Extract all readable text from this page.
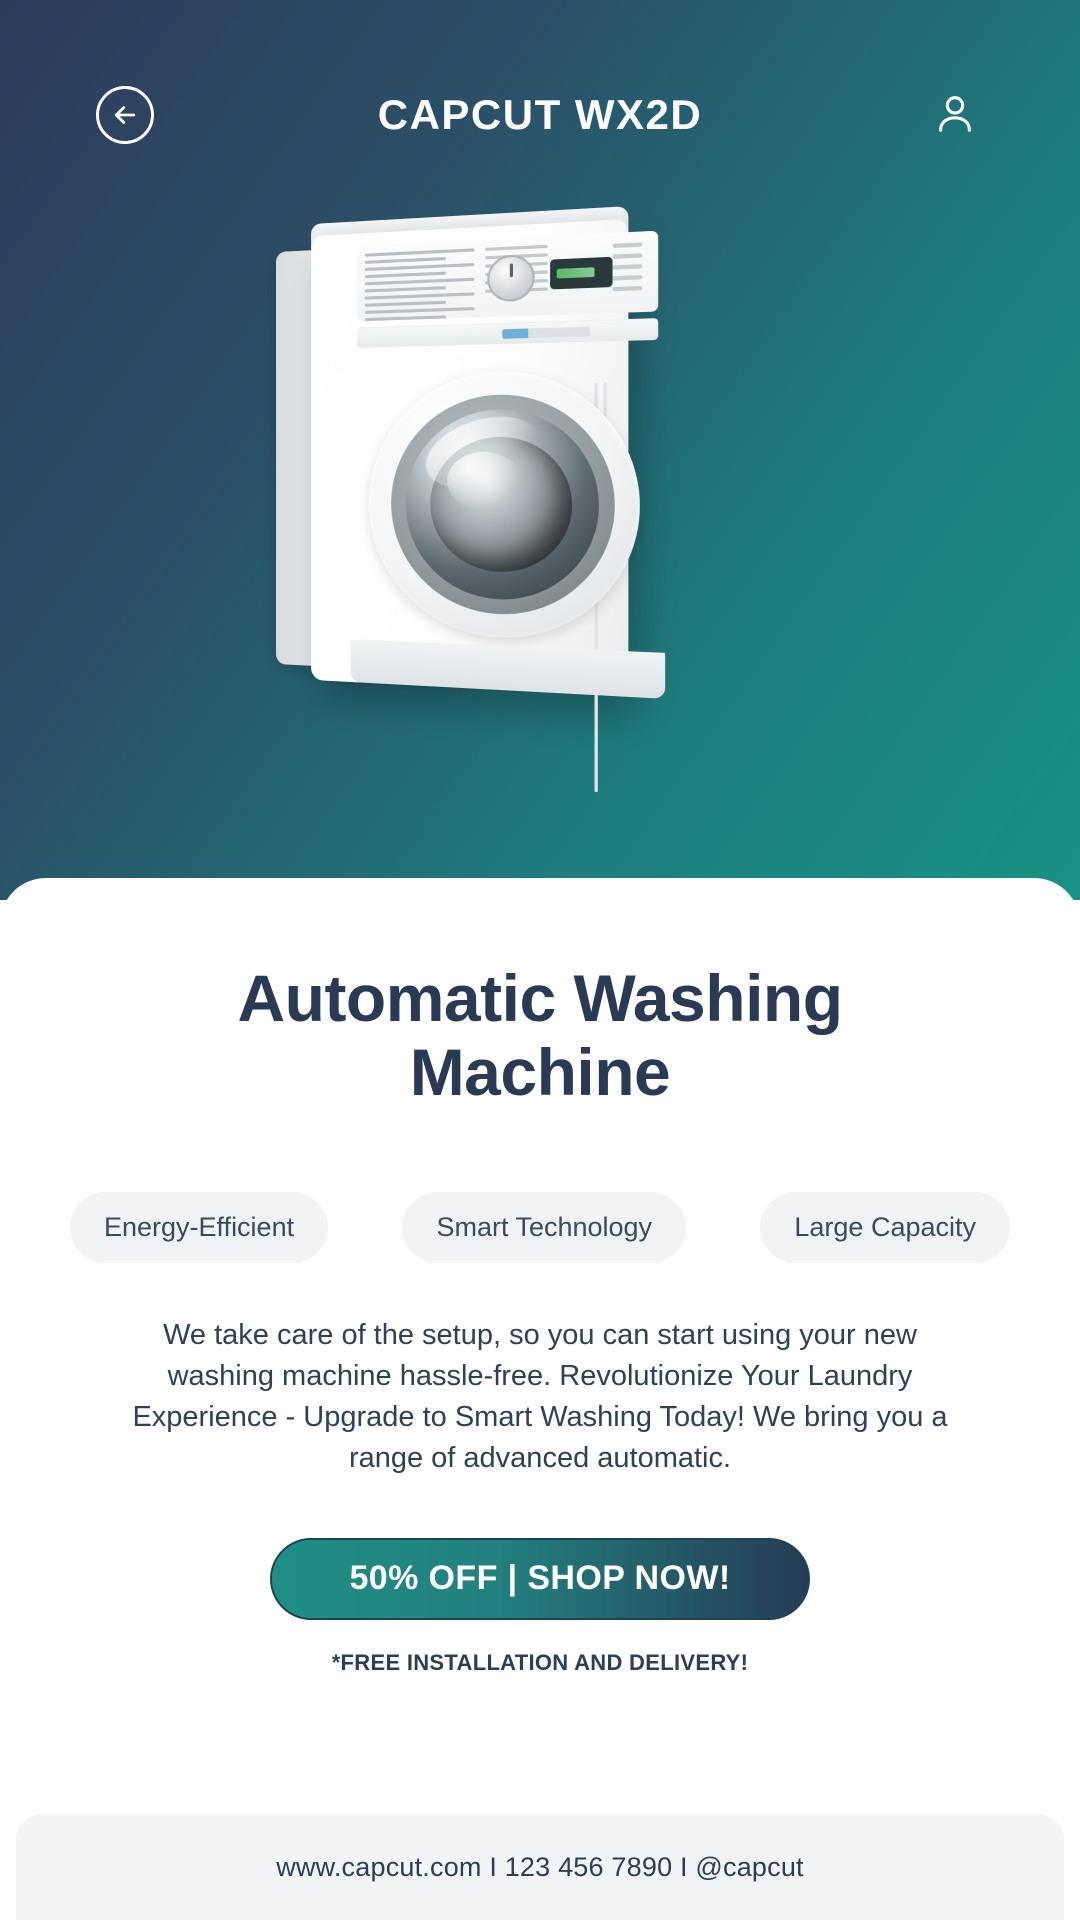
CAPCUT WX2D
Automatic Washing Machine
Energy-Efficient	Smart Technology	Large Capacity

We take care of the setup, so you can start using your new washing machine hassle-free. Revolutionize Your Laundry Experience - Upgrade to Smart Washing Today! We bring you a range of advanced automatic.

50% OFF | SHOP NOW!
*FREE INSTALLATION AND DELIVERY!
www.capcut.com I 123 456 7890 I @capcut
